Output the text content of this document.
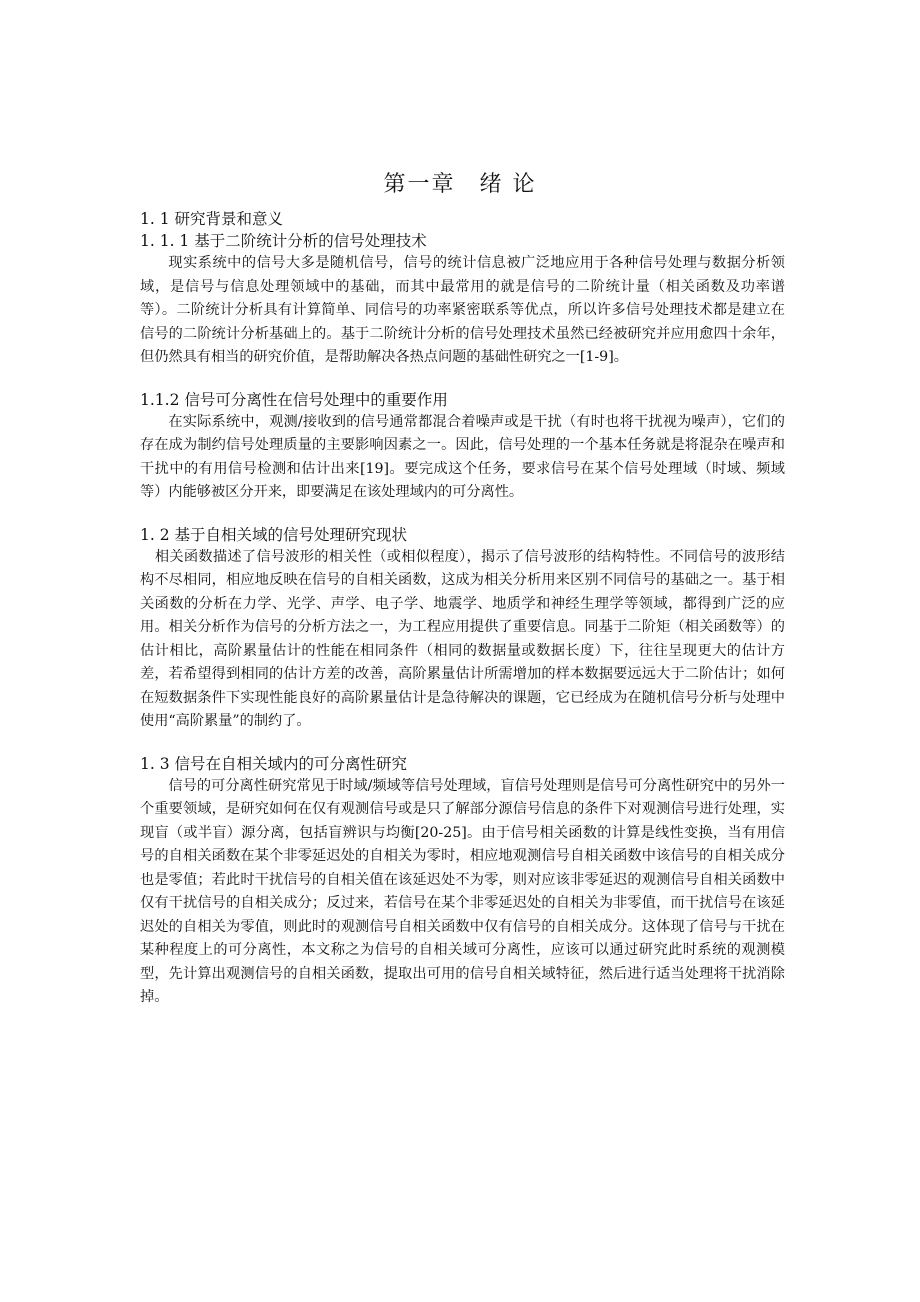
第一章　绪 论

1. 1 研究背景和意义

1. 1. 1 基于二阶统计分析的信号处理技术

现实系统中的信号大多是随机信号，信号的统计信息被广泛地应用于各种信号处理与数据分析领域，是信号与信息处理领域中的基础，而其中最常用的就是信号的二阶统计量（相关函数及功率谱等）。二阶统计分析具有计算简单、同信号的功率紧密联系等优点，所以许多信号处理技术都是建立在信号的二阶统计分析基础上的。基于二阶统计分析的信号处理技术虽然已经被研究并应用愈四十余年，但仍然具有相当的研究价值，是帮助解决各热点问题的基础性研究之一[1-9]。

1.1.2 信号可分离性在信号处理中的重要作用

在实际系统中，观测/接收到的信号通常都混合着噪声或是干扰（有时也将干扰视为噪声），它们的存在成为制约信号处理质量的主要影响因素之一。因此，信号处理的一个基本任务就是将混杂在噪声和干扰中的有用信号检测和估计出来[19]。要完成这个任务，要求信号在某个信号处理域（时域、频域等）内能够被区分开来，即要满足在该处理域内的可分离性。

1. 2 基于自相关域的信号处理研究现状

相关函数描述了信号波形的相关性（或相似程度），揭示了信号波形的结构特性。不同信号的波形结构不尽相同，相应地反映在信号的自相关函数，这成为相关分析用来区别不同信号的基础之一。基于相关函数的分析在力学、光学、声学、电子学、地震学、地质学和神经生理学等领域，都得到广泛的应用。相关分析作为信号的分析方法之一，为工程应用提供了重要信息。同基于二阶矩（相关函数等）的估计相比，高阶累量估计的性能在相同条件（相同的数据量或数据长度）下，往往呈现更大的估计方差，若希望得到相同的估计方差的改善，高阶累量估计所需增加的样本数据要远远大于二阶估计；如何在短数据条件下实现性能良好的高阶累量估计是急待解决的课题，它已经成为在随机信号分析与处理中使用“高阶累量”的制约了。

1. 3 信号在自相关域内的可分离性研究

信号的可分离性研究常见于时域/频域等信号处理域，盲信号处理则是信号可分离性研究中的另外一个重要领域，是研究如何在仅有观测信号或是只了解部分源信号信息的条件下对观测信号进行处理，实现盲（或半盲）源分离，包括盲辨识与均衡[20-25]。由于信号相关函数的计算是线性变换，当有用信号的自相关函数在某个非零延迟处的自相关为零时，相应地观测信号自相关函数中该信号的自相关成分也是零值；若此时干扰信号的自相关值在该延迟处不为零，则对应该非零延迟的观测信号自相关函数中仅有干扰信号的自相关成分；反过来，若信号在某个非零延迟处的自相关为非零值，而干扰信号在该延迟处的自相关为零值，则此时的观测信号自相关函数中仅有信号的自相关成分。这体现了信号与干扰在某种程度上的可分离性，本文称之为信号的自相关域可分离性，应该可以通过研究此时系统的观测模型，先计算出观测信号的自相关函数，提取出可用的信号自相关域特征，然后进行适当处理将干扰消除掉。
